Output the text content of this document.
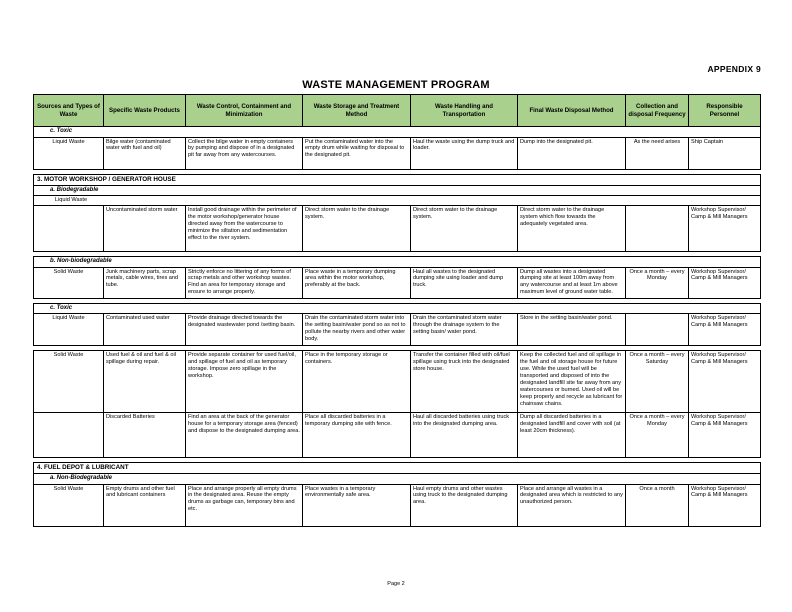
APPENDIX 9
WASTE MANAGEMENT PROGRAM
Sources and Types of Waste	Specific Waste Products	Waste Control, Containment and Minimization	Waste Storage and Treatment Method	Waste Handling and Transportation	Final Waste Disposal Method	Collection and disposal Frequency	Responsible Personnel
c. Toxic							
Liquid Waste	Bilge water (contaminated water with fuel and oil)	Collect the bilge water in empty containers by pumping and dispose of in a designated pit far away from any watercourses.	Put the contaminated water into the empty drum while waiting for disposal to the designated pit.	Haul the waste using the dump truck and loader.	Dump into the designated pit.	As the need arises	Ship Captain
3. MOTOR WORKSHOP / GENERATOR HOUSE
a. Biodegradable
Liquid Waste
	Uncontaminated storm water	Install good drainage within the perimeter of the motor workshop/generator house directed away from the watercourse to minimize the siltation and sedimentation effect to the river system.	Direct storm water to the drainage system.	Direct storm water to the drainage system.	Direct storm water to the drainage system which flow towards the adequately vegetated area.		Workshop Supervisor/ Camp & Mill Managers
b. Non-biodegradable
Solid Waste	Junk machinery parts, scrap metals, cable wires, tires and tube.	Strictly enforce no littering of any forms of scrap metals and other workshop wastes. Find an area for temporary storage and ensure to arrange properly.	Place waste in a temporary dumping area within the motor workshop, preferably at the back.	Haul all wastes to the designated dumping site using loader and dump truck.	Dump all wastes into a designated dumping site at least 100m away from any watercourse and at least 1m above maximum level of ground water table.	Once a month – every Monday	Workshop Supervisor/ Camp & Mill Managers
c. Toxic
Liquid Waste	Contaminated used water	Provide drainage directed towards the designated wastewater pond /setting basin.	Drain the contaminated storm water into the setting basin/water pond so as not to pollute the nearby rivers and other water body.	Drain the contaminated storm water through the drainage system to the setting basin/ water pond.	Store in the setting basin/water pond.		Workshop Supervisor/ Camp & Mill Managers
Solid Waste	Used fuel & oil and fuel & oil spillage during repair.	Provide separate container for used fuel/oil, and spillage of fuel and oil as temporary storage. Impose zero spillage in the workshop.	Place in the temporary storage or containers.	Transfer the container filled with oil/fuel spillage using truck into the designated store house.	Keep the collected fuel and oil spillage in the fuel and oil storage house for future use. While the used fuel will be transported and disposed of into the designated landfill site far away from any watercourses or burned. Used oil will be keep properly and recycle as lubricant for chainsaw chains.	Once a month – every Saturday	Workshop Supervisor/ Camp & Mill Managers
	Discarded Batteries	Find an area at the back of the generator house for a temporary storage area (fenced) and dispose to the designated dumping area.	Place all discarded batteries in a temporary dumping site with fence.	Haul all discarded batteries using truck into the designated dumping area.	Dump all discarded batteries in a designated landfill and cover with soil (at least 20cm thickness).	Once a month – every Monday	Workshop Supervisor/ Camp & Mill Managers
4. FUEL DEPOT & LUBRICANT
a. Non-Biodegradable
Solid Waste	Empty drums and other fuel and lubricant containers	Place and arrange properly all empty drums in the designated area. Reuse the empty drums as garbage can, temporary bins and etc.	Place wastes in a temporary environmentally safe area.	Haul empty drums and other wastes using truck to the designated dumping area.	Place and arrange all wastes in a designated area which is restricted to any unauthorized person.	Once a month	Workshop Supervisor/ Camp & Mill Managers
Page 2
